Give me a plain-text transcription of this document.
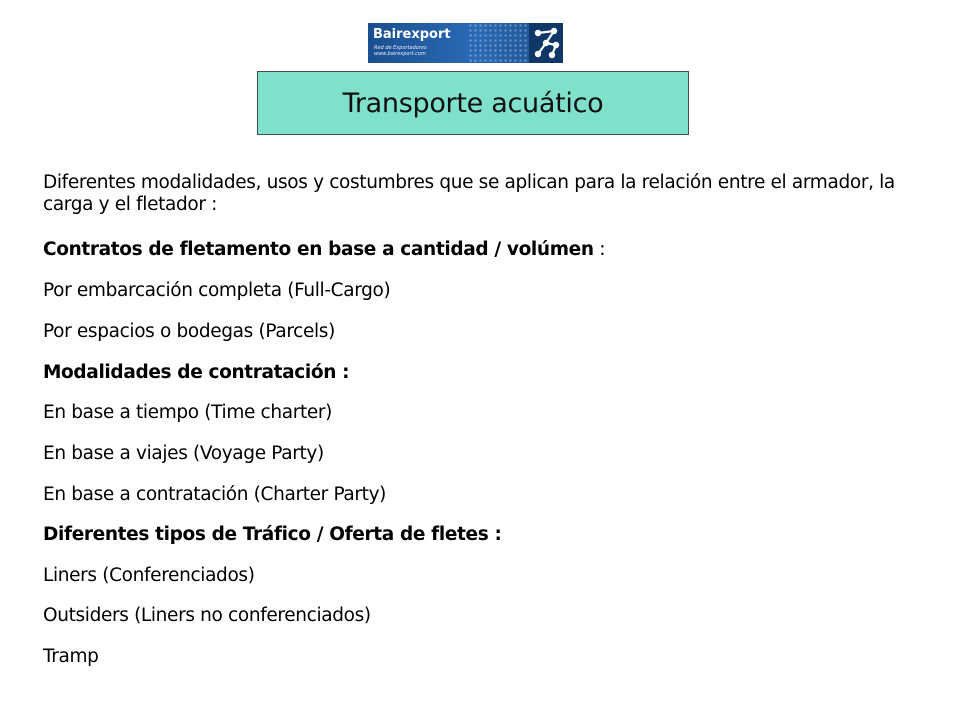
Bairexport
Red de Exportadores
www.bairexport.com
Transporte acuático

Diferentes modalidades, usos y costumbres que se aplican para la relación entre el armador, la carga y el fletador :

Contratos de fletamento en base a cantidad / volúmen :

Por embarcación completa (Full-Cargo)

Por espacios o bodegas (Parcels)

Modalidades de contratación :

En base a tiempo (Time charter)

En base a viajes (Voyage Party)

En base a contratación (Charter Party)

Diferentes tipos de Tráfico / Oferta de fletes :

Liners (Conferenciados)

Outsiders (Liners no conferenciados)

Tramp
